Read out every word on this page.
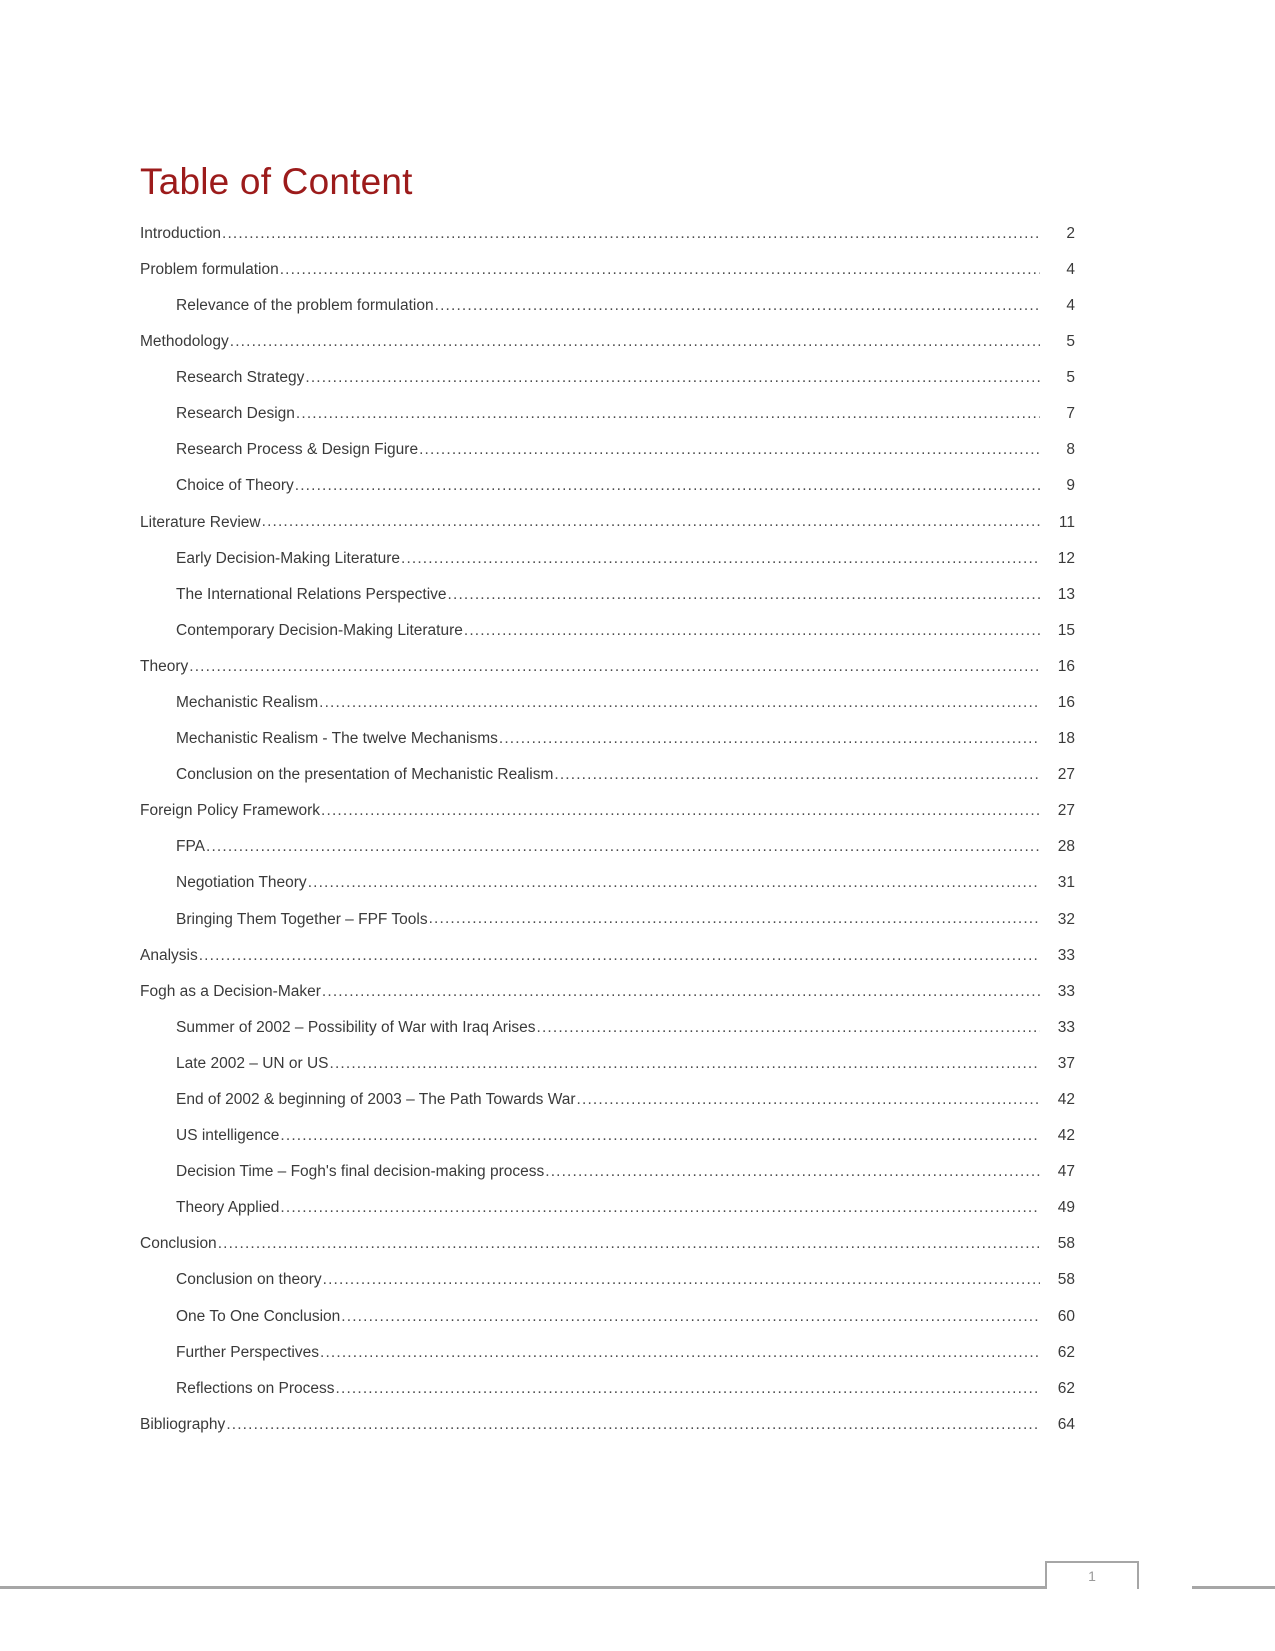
Table of Content
Introduction .....	2
Problem formulation .....	4
Relevance of the problem formulation .....	4
Methodology .....	5
Research Strategy .....	5
Research Design .....	7
Research Process & Design Figure .....	8
Choice of Theory .....	9
Literature Review .....	11
Early Decision-Making Literature .....	12
The International Relations Perspective .....	13
Contemporary Decision-Making Literature .....	15
Theory .....	16
Mechanistic Realism .....	16
Mechanistic Realism - The twelve Mechanisms .....	18
Conclusion on the presentation of Mechanistic Realism .....	27
Foreign Policy Framework .....	27
FPA .....	28
Negotiation Theory .....	31
Bringing Them Together – FPF Tools .....	32
Analysis .....	33
Fogh as a Decision-Maker .....	33
Summer of 2002 – Possibility of War with Iraq Arises .....	33
Late 2002 – UN or US .....	37
End of 2002 & beginning of 2003 – The Path Towards War .....	42
US intelligence .....	42
Decision Time – Fogh's final decision-making process .....	47
Theory Applied .....	49
Conclusion .....	58
Conclusion on theory .....	58
One To One Conclusion .....	60
Further Perspectives .....	62
Reflections on Process .....	62
Bibliography .....	64
1
